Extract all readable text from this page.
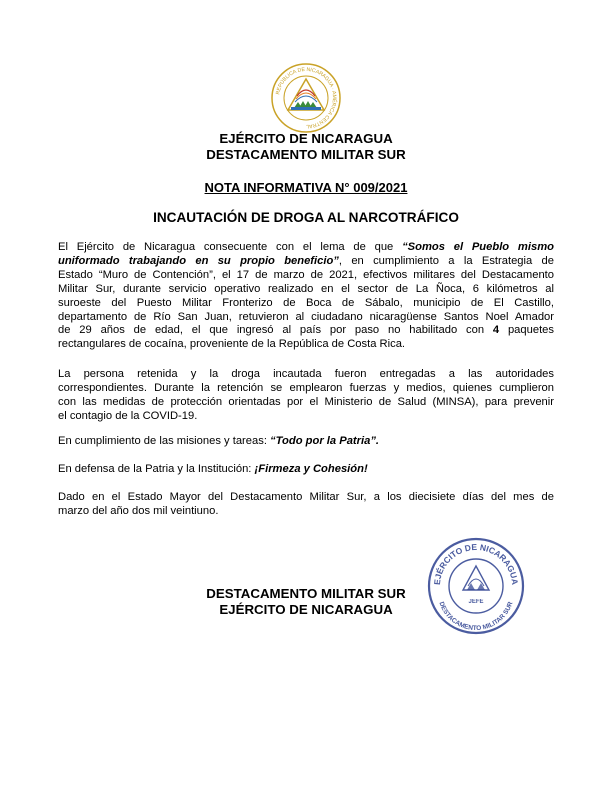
REPÚBLICA DE NICARAGUA · AMÉRICA CENTRAL
EJÉRCITO DE NICARAGUA
DESTACAMENTO MILITAR SUR
NOTA INFORMATIVA N° 009/2021
INCAUTACIÓN DE DROGA AL NARCOTRÁFICO
El Ejército de Nicaragua consecuente con el lema de que “Somos el Pueblo mismo
uniformado trabajando en su propio beneficio”, en cumplimiento a la Estrategia de
Estado “Muro de Contención”, el 17 de marzo de 2021, efectivos militares del Destacamento
Militar Sur, durante servicio operativo realizado en el sector de La Ñoca, 6 kilómetros al
suroeste del Puesto Militar Fronterizo de Boca de Sábalo, municipio de El Castillo,
departamento de Río San Juan, retuvieron al ciudadano nicaragüense Santos Noel Amador
de 29 años de edad, el que ingresó al país por paso no habilitado con 4 paquetes
rectangulares de cocaína, proveniente de la República de Costa Rica.
La persona retenida y la droga incautada fueron entregadas a las autoridades
correspondientes. Durante la retención se emplearon fuerzas y medios, quienes cumplieron
con las medidas de protección orientadas por el Ministerio de Salud (MINSA), para prevenir
el contagio de la COVID-19.
En cumplimiento de las misiones y tareas: “Todo por la Patria”.
En defensa de la Patria y la Institución: ¡Firmeza y Cohesión!
Dado en el Estado Mayor del Destacamento Militar Sur, a los diecisiete días del mes de
marzo del año dos mil veintiuno.
DESTACAMENTO MILITAR SUR
EJÉRCITO DE NICARAGUA
EJÉRCITO DE NICARAGUA
DESTACAMENTO MILITAR SUR
JEFE
